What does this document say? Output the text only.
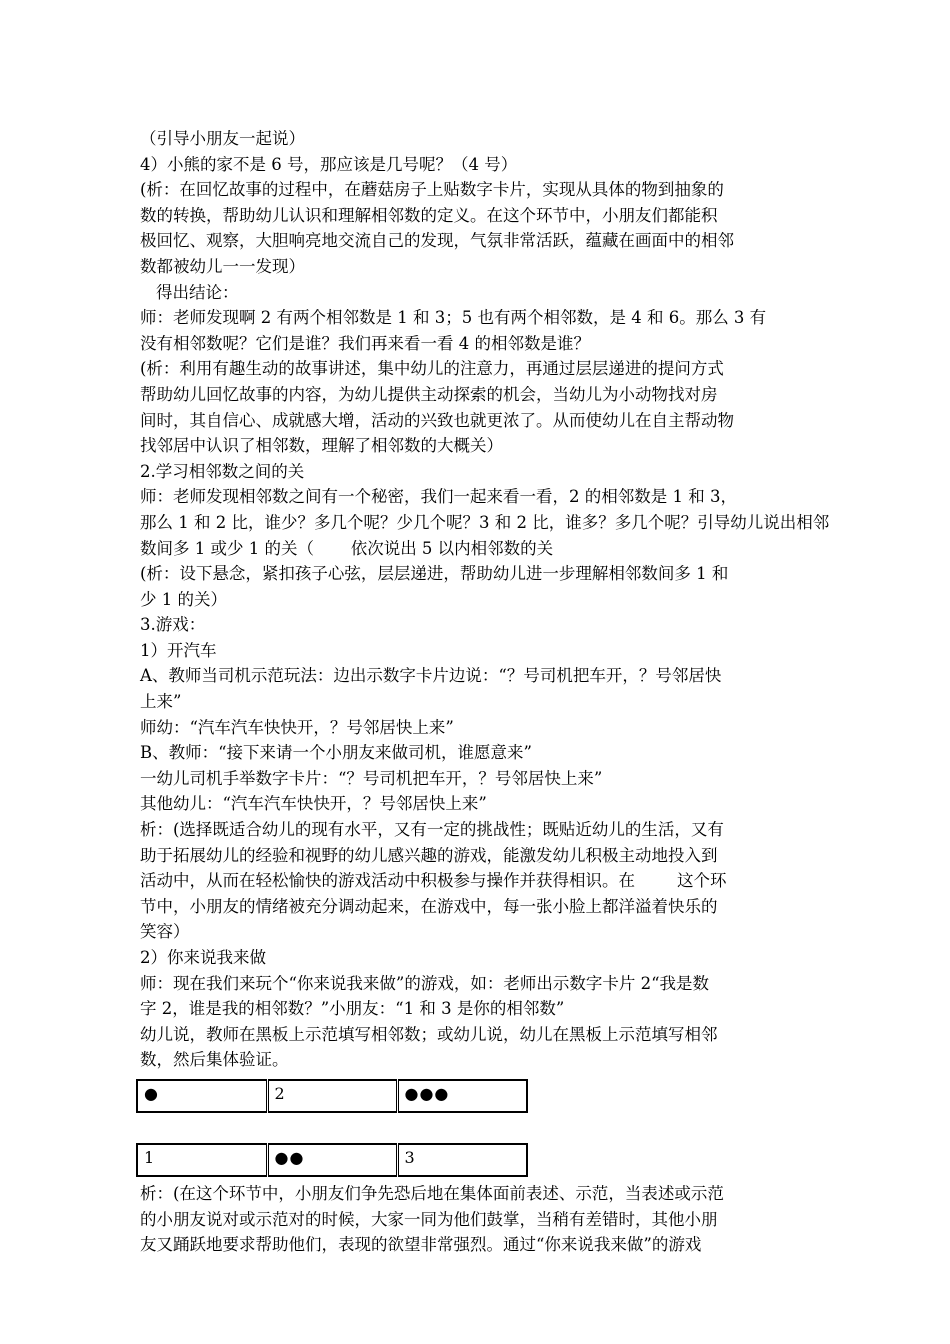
（引导小朋友一起说）

4）小熊的家不是 6 号，那应该是几号呢？（4 号）

(析：在回忆故事的过程中，在蘑菇房子上贴数字卡片，实现从具体的物到抽象的

数的转换，帮助幼儿认识和理解相邻数的定义。在这个环节中，小朋友们都能积

极回忆、观察，大胆响亮地交流自己的发现，气氛非常活跃，蕴藏在画面中的相邻

数都被幼儿一一发现）

得出结论：

师：老师发现啊 2 有两个相邻数是 1 和 3；5 也有两个相邻数，是 4 和 6。那么 3 有

没有相邻数呢？它们是谁？我们再来看一看 4 的相邻数是谁？

(析：利用有趣生动的故事讲述，集中幼儿的注意力，再通过层层递进的提问方式

帮助幼儿回忆故事的内容，为幼儿提供主动探索的机会，当幼儿为小动物找对房

间时，其自信心、成就感大增，活动的兴致也就更浓了。从而使幼儿在自主帮动物

找邻居中认识了相邻数，理解了相邻数的大概关）

2.学习相邻数之间的关

师：老师发现相邻数之间有一个秘密，我们一起来看一看，2 的相邻数是 1 和 3，

那么 1 和 2 比，谁少？多几个呢？少几个呢？3 和 2 比，谁多？多几个呢？引导幼儿说出相邻

数间多 1 或少 1 的关（       依次说出 5 以内相邻数的关

(析：设下悬念，紧扣孩子心弦，层层递进，帮助幼儿进一步理解相邻数间多 1 和

少 1 的关）

3.游戏：

1）开汽车

A、教师当司机示范玩法：边出示数字卡片边说：“？号司机把车开，？号邻居快

上来”

师幼：“汽车汽车快快开，？号邻居快上来”

B、教师：“接下来请一个小朋友来做司机，谁愿意来”

一幼儿司机手举数字卡片：“？号司机把车开，？号邻居快上来”

其他幼儿：“汽车汽车快快开，？号邻居快上来”

析：(选择既适合幼儿的现有水平，又有一定的挑战性；既贴近幼儿的生活，又有

助于拓展幼儿的经验和视野的幼儿感兴趣的游戏，能激发幼儿积极主动地投入到

活动中，从而在轻松愉快的游戏活动中积极参与操作并获得相识。在        这个环

节中，小朋友的情绪被充分调动起来，在游戏中，每一张小脸上都洋溢着快乐的

笑容）

2）你来说我来做

师：现在我们来玩个“你来说我来做”的游戏，如：老师出示数字卡片 2“我是数

字 2，谁是我的相邻数？”小朋友：“1 和 3 是你的相邻数”

幼儿说，教师在黑板上示范填写相邻数；或幼儿说，幼儿在黑板上示范填写相邻

数，然后集体验证。

●	2	●●●
1	●●	3

析：(在这个环节中，小朋友们争先恐后地在集体面前表述、示范，当表述或示范

的小朋友说对或示范对的时候，大家一同为他们鼓掌，当稍有差错时，其他小朋

友又踊跃地要求帮助他们，表现的欲望非常强烈。通过“你来说我来做”的游戏
